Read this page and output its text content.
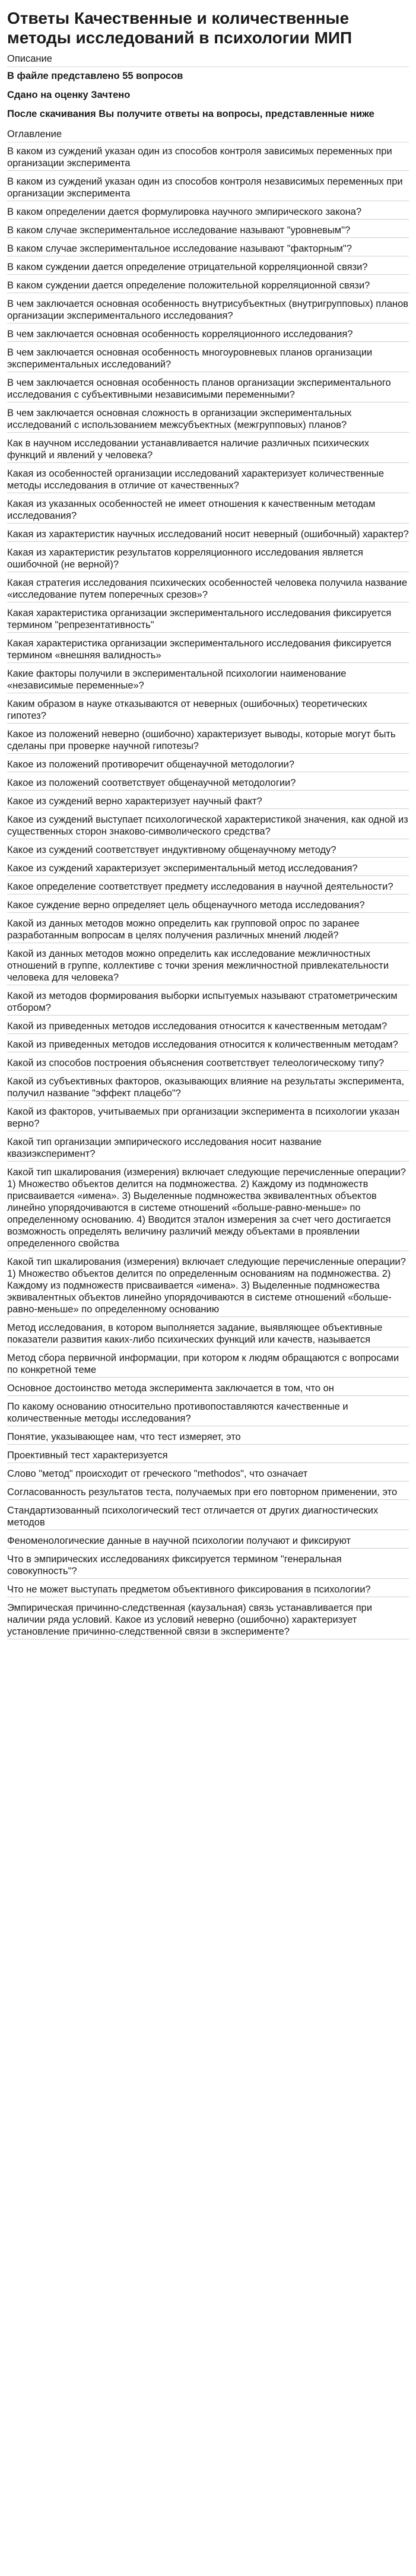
Ответы Качественные и количественные методы исследований в психологии МИП
Описание
В файле представлено 55 вопросов
Сдано на оценку Зачтено
После скачивания Вы получите ответы на вопросы, представленные ниже
Оглавление
В каком из суждений указан один из способов контроля зависимых переменных при организации эксперимента
В каком из суждений указан один из способов контроля независимых переменных при организации эксперимента
В каком определении дается формулировка научного эмпирического закона?
В каком случае экспериментальное исследование называют "уровневым"?
В каком случае экспериментальное исследование называют "факторным"?
В каком суждении дается определение отрицательной корреляционной связи?
В каком суждении дается определение положительной корреляционной связи?
В чем заключается основная особенность внутрисубъектных (внутригрупповых) планов организации экспериментального исследования?
В чем заключается основная особенность корреляционного исследования?
В чем заключается основная особенность многоуровневых планов организации экспериментальных исследований?
В чем заключается основная особенность планов организации экспериментального исследования с субъективными независимыми переменными?
В чем заключается основная сложность в организации экспериментальных исследований с использованием межсубъектных (межгрупповых) планов?
Как в научном исследовании устанавливается наличие различных психических функций и явлений у человека?
Какая из особенностей организации исследований характеризует количественные методы исследования в отличие от качественных?
Какая из указанных особенностей не имеет отношения к качественным методам исследования?
Какая из характеристик научных исследований носит неверный (ошибочный) характер?
Какая из характеристик результатов корреляционного исследования является ошибочной (не верной)?
Какая стратегия исследования психических особенностей человека получила название «исследование путем поперечных срезов»?
Какая характеристика организации экспериментального исследования фиксируется термином "репрезентативность"
Какая характеристика организации экспериментального исследования фиксируется термином «внешняя валидность»
Какие факторы получили в экспериментальной психологии наименование «независимые переменные»?
Каким образом в науке отказываются от неверных (ошибочных) теоретических гипотез?
Какое из положений неверно (ошибочно) характеризует выводы, которые могут быть сделаны при проверке научной гипотезы?
Какое из положений противоречит общенаучной методологии?
Какое из положений соответствует общенаучной методологии?
Какое из суждений верно характеризует научный факт?
Какое из суждений выступает психологической характеристикой значения, как одной из существенных сторон знаково-символического средства?
Какое из суждений соответствует индуктивному общенаучному методу?
Какое из суждений характеризует экспериментальный метод исследования?
Какое определение соответствует предмету исследования в научной деятельности?
Какое суждение верно определяет цель общенаучного метода исследования?
Какой из данных методов можно определить как групповой опрос по заранее разработанным вопросам в целях получения различных мнений людей?
Какой из данных методов можно определить как исследование межличностных отношений в группе, коллективе с точки зрения межличностной привлекательности человека для человека?
Какой из методов формирования выборки испытуемых называют стратометрическим отбором?
Какой из приведенных методов исследования относится к качественным методам?
Какой из приведенных методов исследования относится к количественным методам?
Какой из способов построения объяснения соответствует телеологическому типу?
Какой из субъективных факторов, оказывающих влияние на результаты эксперимента, получил название "эффект плацебо"?
Какой из факторов, учитываемых при организации эксперимента в психологии указан верно?
Какой тип организации эмпирического исследования носит название квазиэксперимент?
Какой тип шкалирования (измерения) включает следующие перечисленные операции? 1) Множество объектов делится на подмножества. 2) Каждому из подмножеств присваивается «имена». 3) Выделенные подмножества эквивалентных объектов линейно упорядочиваются в системе отношений «больше-равно-меньше» по определенному основанию. 4) Вводится эталон измерения за счет чего достигается возможность определять величину различий между объектами в проявлении определенного свойства
Какой тип шкалирования (измерения) включает следующие перечисленные операции? 1) Множество объектов делится по определенным основаниям на подмножества. 2) Каждому из подмножеств присваивается «имена». 3) Выделенные подмножества эквивалентных объектов линейно упорядочиваются в системе отношений «больше-равно-меньше» по определенному основанию
Метод исследования, в котором выполняется задание, выявляющее объективные показатели развития каких-либо психических функций или качеств, называется
Метод сбора первичной информации, при котором к людям обращаются с вопросами по конкретной теме
Основное достоинство метода эксперимента заключается в том, что он
По какому основанию относительно противопоставляются качественные и количественные методы исследования?
Понятие, указывающее нам, что тест измеряет, это
Проективный тест характеризуется
Слово "метод" происходит от греческого "methodos", что означает
Согласованность результатов теста, получаемых при его повторном применении, это
Стандартизованный психологический тест отличается от других диагностических методов
Феноменологические данные в научной психологии получают и фиксируют
Что в эмпирических исследованиях фиксируется термином "генеральная совокупность"?
Что не может выступать предметом объективного фиксирования в психологии?
Эмпирическая причинно-следственная (каузальная) связь устанавливается при наличии ряда условий. Какое из условий неверно (ошибочно) характеризует установление причинно-следственной связи в эксперименте?
